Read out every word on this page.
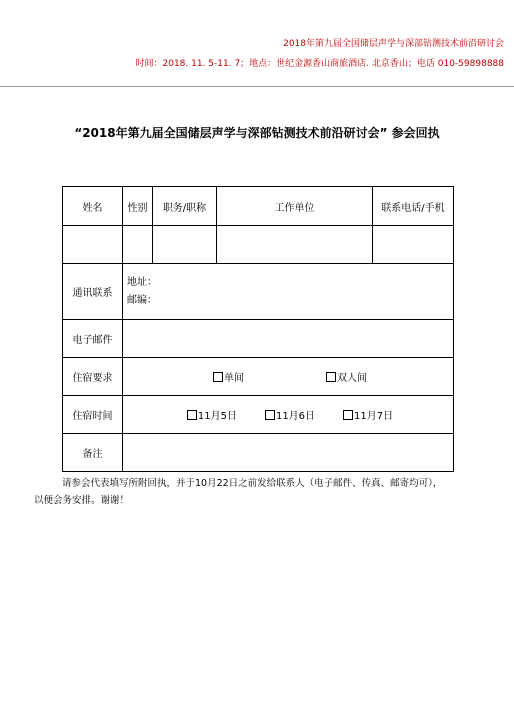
2018年第九届全国储层声学与深部钻测技术前沿研讨会
时间：2018. 11. 5-11. 7；地点：世纪金源香山商旅酒店. 北京香山；电话 010-59898888
“2018年第九届全国储层声学与深部钻测技术前沿研讨会” 参会回执
姓名	性别	职务/职称	工作单位	联系电话/手机

通讯联系	地址：
邮编：			

电子邮件				
住宿要求	单间 双人间			

住宿时间	11月5日 11月6日 11月7日			

备注				
请参会代表填写所附回执，并于10月22日之前发给联系人（电子邮件、传真、邮寄均可），
以便会务安排。谢谢！
